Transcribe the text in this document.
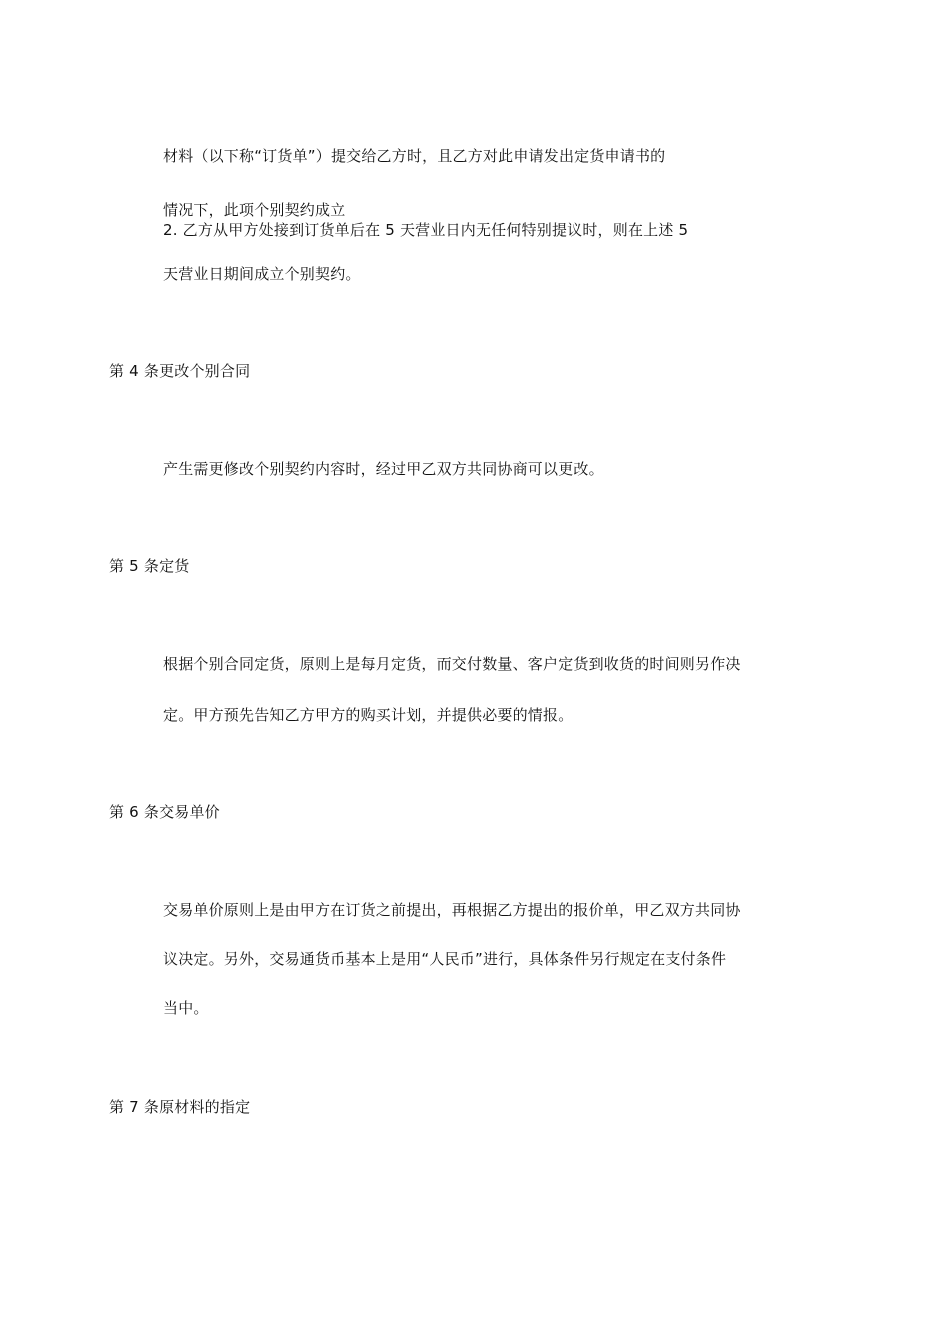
材料（以下称“订货单”）提交给乙方时，且乙方对此申请发出定货申请书的
情况下，此项个别契约成立
2. 乙方从甲方处接到订货单后在 5 天营业日内无任何特别提议时，则在上述 5
天营业日期间成立个别契约。
第 4 条更改个别合同
产生需更修改个别契约内容时，经过甲乙双方共同协商可以更改。
第 5 条定货
根据个别合同定货，原则上是每月定货，而交付数量、客户定货到收货的时间则另作决
定。甲方预先告知乙方甲方的购买计划，并提供必要的情报。
第 6 条交易单价
交易单价原则上是由甲方在订货之前提出，再根据乙方提出的报价单，甲乙双方共同协
议决定。另外，交易通货币基本上是用“人民币”进行，具体条件另行规定在支付条件
当中。
第 7 条原材料的指定
